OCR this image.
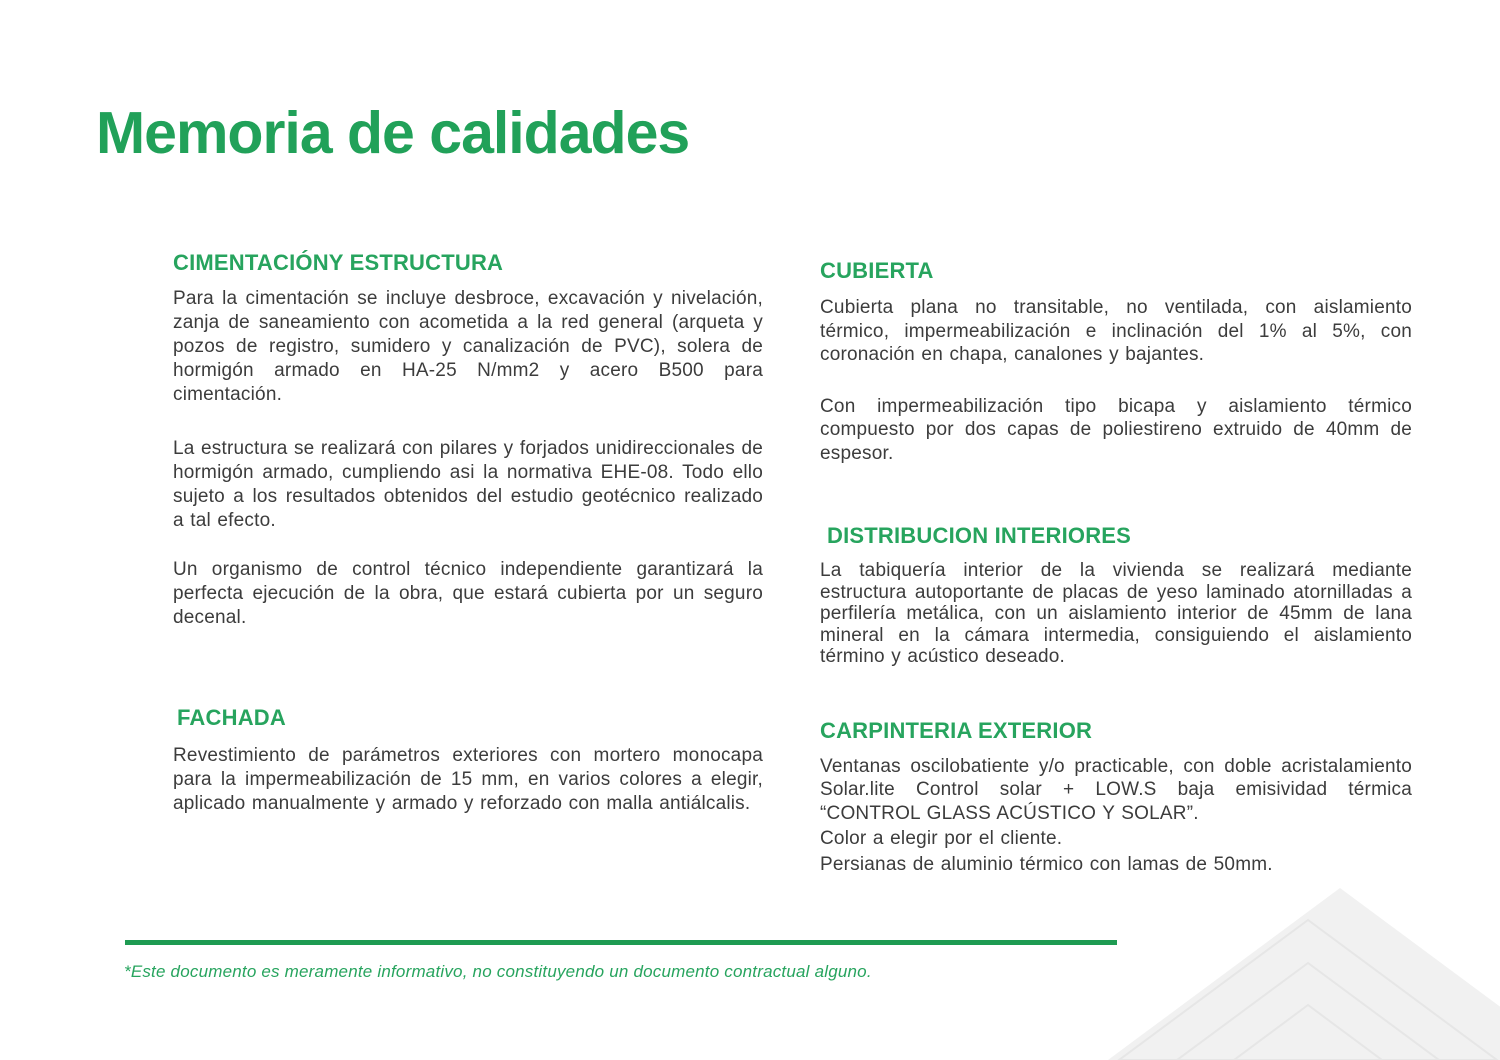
Memoria de calidades
CIMENTACIÓNY ESTRUCTURA

Para la cimentación se incluye desbroce, excavación y nivelación, zanja de saneamiento con acometida a la red general (arqueta y pozos de registro, sumidero y canalización de PVC), solera de hormigón armado en HA-25 N/mm2 y acero B500 para cimentación.

La estructura se realizará con pilares y forjados unidireccionales de hormigón armado, cumpliendo asi la normativa EHE-08. Todo ello sujeto a los resultados obtenidos del estudio geotécnico realizado a tal efecto.

Un organismo de control técnico independiente garantizará la perfecta ejecución de la obra, que estará cubierta por un seguro decenal.

FACHADA

Revestimiento de parámetros exteriores con mortero monocapa para la impermeabilización de 15 mm, en varios colores a elegir, aplicado manualmente y armado y reforzado con malla antiálcalis.

CUBIERTA

Cubierta plana no transitable, no ventilada, con aislamiento térmico, impermeabilización e inclinación del 1% al 5%, con coronación en chapa, canalones y bajantes.

Con impermeabilización tipo bicapa y aislamiento térmico compuesto por dos capas de poliestireno extruido de 40mm de espesor.

DISTRIBUCION INTERIORES

La tabiquería interior de la vivienda se realizará mediante estructura autoportante de placas de yeso laminado atornilladas a perfilería metálica, con un aislamiento interior de 45mm de lana mineral en la cámara intermedia, consiguiendo el aislamiento término y acústico deseado.

CARPINTERIA EXTERIOR

Ventanas oscilobatiente y/o practicable, con doble acristalamiento Solar.lite Control solar + LOW.S baja emisividad térmica “CONTROL GLASS ACÚSTICO Y SOLAR”.

Color a elegir por el cliente.

Persianas de aluminio térmico con lamas de 50mm.

*Este documento es meramente informativo, no constituyendo un documento contractual alguno.
